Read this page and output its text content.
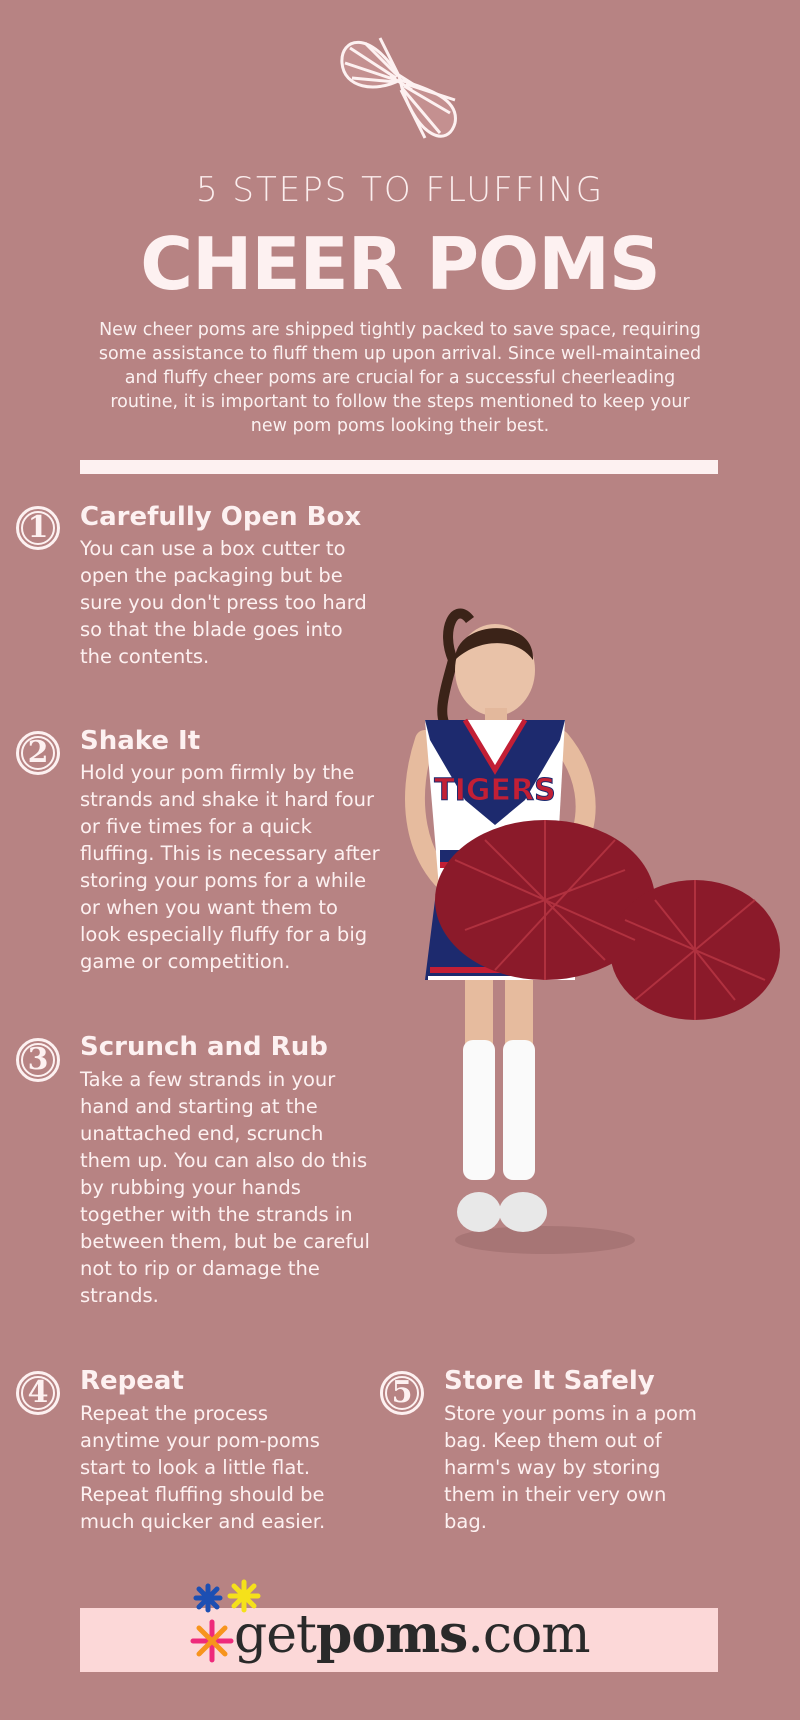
5 STEPS TO FLUFFING
CHEER POMS
New cheer poms are shipped tightly packed to save space, requiring some assistance to fluff them up upon arrival. Since well-maintained and fluffy cheer poms are crucial for a successful cheerleading routine, it is important to follow the steps mentioned to keep your new pom poms looking their best.
1 Carefully Open Box
You can use a box cutter to open the packaging but be sure you don't press too hard so that the blade goes into the contents.
2 Shake It
Hold your pom firmly by the strands and shake it hard four or five times for a quick fluffing. This is necessary after storing your poms for a while or when you want them to look especially fluffy for a big game or competition.
3 Scrunch and Rub
Take a few strands in your hand and starting at the unattached end, scrunch them up. You can also do this by rubbing your hands together with the strands in between them, but be careful not to rip or damage the strands.
4 Repeat
Repeat the process anytime your pom-poms start to look a little flat. Repeat fluffing should be much quicker and easier.
5 Store It Safely
Store your poms in a pom bag. Keep them out of harm's way by storing them in their very own bag.
TIGERS
getpoms.com
